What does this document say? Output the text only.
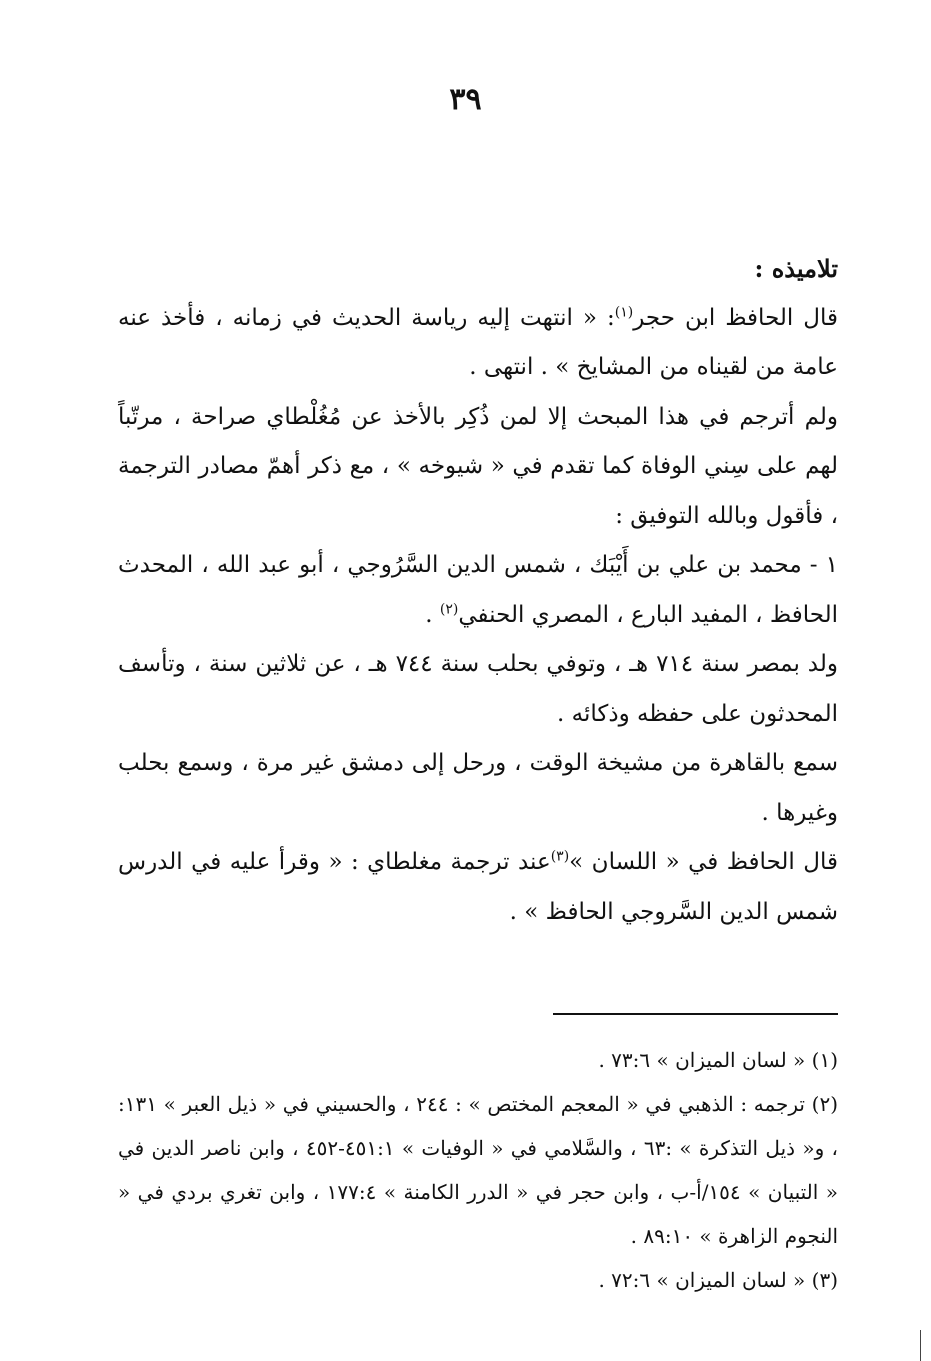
٣٩

تلاميذه :

قال الحافظ ابن حجر$^{(١)}$: « انتهت إليه رياسة الحديث في زمانه ، فأخذ عنه عامة من لقيناه من المشايخ » . انتهى .

ولم أترجم في هذا المبحث إلا لمن ذُكِر بالأخذ عن مُغُلْطاي صراحة ، مرتّباً لهم على سِني الوفاة كما تقدم في « شيوخه » ، مع ذكر أهمّ مصادر الترجمة ، فأقول وبالله التوفيق :

١ - محمد بن علي بن أَيْبَك ، شمس الدين السَّرُوجي ، أبو عبد الله ، المحدث الحافظ ، المفيد البارع ، المصري الحنفي$^{(٢)}$ .

ولد بمصر سنة ٧١٤ هـ ، وتوفي بحلب سنة ٧٤٤ هـ ، عن ثلاثين سنة ، وتأسف المحدثون على حفظه وذكائه .

سمع بالقاهرة من مشيخة الوقت ، ورحل إلى دمشق غير مرة ، وسمع بحلب وغيرها .

قال الحافظ في « اللسان »$^{(٣)}$عند ترجمة مغلطاي : « وقرأ عليه في الدرس شمس الدين السَّروجي الحافظ » .

(١) « لسان الميزان » ٧٣:٦ .

(٢) ترجمه : الذهبي في « المعجم المختص » : ٢٤٤ ، والحسيني في « ذيل العبر » ١٣١: ، و« ذيل التذكرة » :٦٣ ، والسَّلامي في « الوفيات » ٤٥١:١-٤٥٢ ، وابن ناصر الدين في « التبيان » ١٥٤/أ-ب ، وابن حجر في « الدرر الكامنة » ١٧٧:٤ ، وابن تغري بردي في « النجوم الزاهرة » ٨٩:١٠ .

(٣) « لسان الميزان » ٧٢:٦ .
